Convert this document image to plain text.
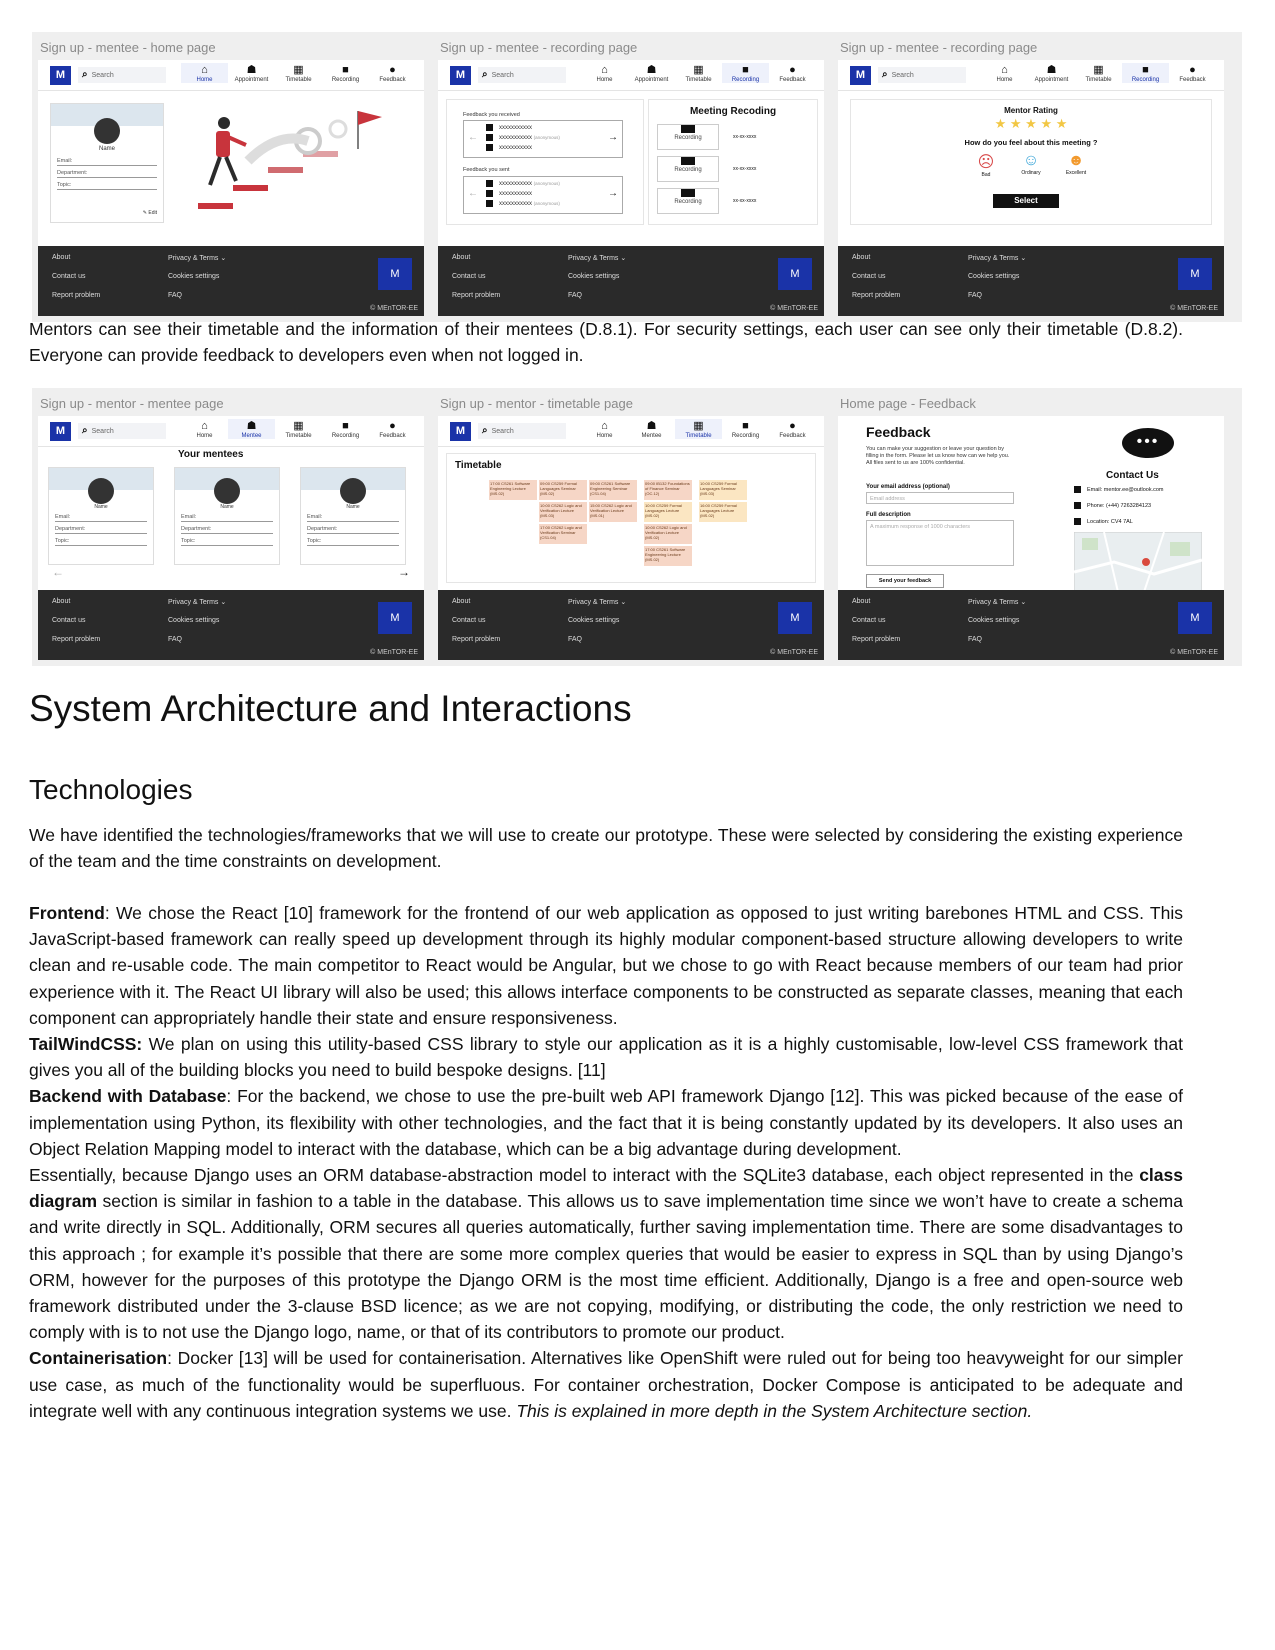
Sign up - mentee - home page
M	⌕ Search	⌂
Home
☗
Appointment
▦
Timetable
■
Recording
●
Feedback
Name
Email:
Department:
Topic:
✎ Edit
About	Privacy & Terms ⌄
Contact us	Cookies settings
Report problem	FAQ
M
© MEnTOR-EE
Sign up - mentee - recording page
M	⌕ Search	⌂
Home
☗
Appointment
▦
Timetable
■
Recording
●
Feedback
Feedback you received
xxxxxxxxxxx
xxxxxxxxxxx (anonymous)
xxxxxxxxxxx
←	→
Feedback you sent
xxxxxxxxxxx (anonymous)
xxxxxxxxxxx
xxxxxxxxxxx (anonymous)
←	→
Meeting Recoding

Recording	xx-xx-xxxx

Recording	xx-xx-xxxx

Recording	xx-xx-xxxx
About	Privacy & Terms ⌄
Contact us	Cookies settings
Report problem	FAQ
M
© MEnTOR-EE
Sign up - mentee - recording page
M	⌕ Search	⌂
Home
☗
Appointment
▦
Timetable
■
Recording
●
Feedback
Mentor Rating
★ ★ ★ ★ ★
How do you feel about this meeting ?
☹
Bad
☺
Ordinary
☻
Excellent
Select
About	Privacy & Terms ⌄
Contact us	Cookies settings
Report problem	FAQ
M
© MEnTOR-EE
Mentors can see their timetable and the information of their mentees (D.8.1). For security settings, each user can see only their timetable (D.8.2). Everyone can provide feedback to developers even when not logged in.
Sign up - mentor - mentee page
M	⌕ Search	⌂
Home
☗
Mentee
▦
Timetable
■
Recording
●
Feedback
Your mentees
Name
Email:
Department:
Topic:
Name
Email:
Department:
Topic:
Name
Email:
Department:
Topic:
←	→
About	Privacy & Terms ⌄
Contact us	Cookies settings
Report problem	FAQ
M
© MEnTOR-EE
Sign up - mentor - timetable page
M	⌕ Search	⌂
Home
☗
Mentee
▦
Timetable
■
Recording
●
Feedback
Timetable
17:00 CS261 Software Engineering Lecture (MS.02)
09:00 CS259 Formal Languages Seminar (MS.02)
09:00 CS261 Software Engineering Seminar (CS1.04)
09:00 IB132 Foundations of Finance Seminar (OC.12)
10:00 CS259 Formal Languages Seminar (MS.03)
10:00 CS262 Logic and Verification Lecture (MS.03)
15:00 CS262 Logic and Verification Lecture (MS.01)
10:00 CS259 Formal Languages Lecture (MS.02)
16:00 CS259 Formal Languages Lecture (MS.02)
17:00 CS262 Logic and Verification Seminar (CS1.04)
10:00 CS262 Logic and Verification Lecture (MS.02)
17:00 CS261 Software Engineering Lecture (MS.02)
About	Privacy & Terms ⌄
Contact us	Cookies settings
Report problem	FAQ
M
© MEnTOR-EE
Home page - Feedback
Feedback
You can make your suggestion or leave your question by filling in the form. Please let us know how can we help you. All files sent to us are 100% confidential.
Your email address (optional)
Email address
Full description
A maximum response of 1000 characters
Send your feedback
•••
Contact Us
Email: mentor.ee@outlook.com
Phone: (+44) 7263284123
Location: CV4 7AL
About	Privacy & Terms ⌄
Contact us	Cookies settings
Report problem	FAQ
M
© MEnTOR-EE
System Architecture and Interactions
Technologies

We have identified the technologies/frameworks that we will use to create our prototype. These were selected by considering the existing experience of the team and the time constraints on development.

Frontend: We chose the React [10] framework for the frontend of our web application as opposed to just writing barebones HTML and CSS. This JavaScript-based framework can really speed up development through its highly modular component-based structure allowing developers to write clean and re-usable code. The main competitor to React would be Angular, but we chose to go with React because members of our team had prior experience with it. The React UI library will also be used; this allows interface components to be constructed as separate classes, meaning that each component can appropriately handle their state and ensure responsiveness.

TailWindCSS: We plan on using this utility-based CSS library to style our application as it is a highly customisable, low-level CSS framework that gives you all of the building blocks you need to build bespoke designs. [11]

Backend with Database: For the backend, we chose to use the pre-built web API framework Django [12]. This was picked because of the ease of implementation using Python, its flexibility with other technologies, and the fact that it is being constantly updated by its developers. It also uses an Object Relation Mapping model to interact with the database, which can be a big advantage during development.

Essentially, because Django uses an ORM database-abstraction model to interact with the SQLite3 database, each object represented in the class diagram section is similar in fashion to a table in the database. This allows us to save implementation time since we won’t have to create a schema and write directly in SQL. Additionally, ORM secures all queries automatically, further saving implementation time. There are some disadvantages to this approach ; for example it’s possible that there are some more complex queries that would be easier to express in SQL than by using Django’s ORM, however for the purposes of this prototype the Django ORM is the most time efficient. Additionally, Django is a free and open-source web framework distributed under the 3-clause BSD licence; as we are not copying, modifying, or distributing the code, the only restriction we need to comply with is to not use the Django logo, name, or that of its contributors to promote our product.

Containerisation: Docker [13] will be used for containerisation. Alternatives like OpenShift were ruled out for being too heavyweight for our simpler use case, as much of the functionality would be superfluous. For container orchestration, Docker Compose is anticipated to be adequate and integrate well with any continuous integration systems we use. This is explained in more depth in the System Architecture section.
